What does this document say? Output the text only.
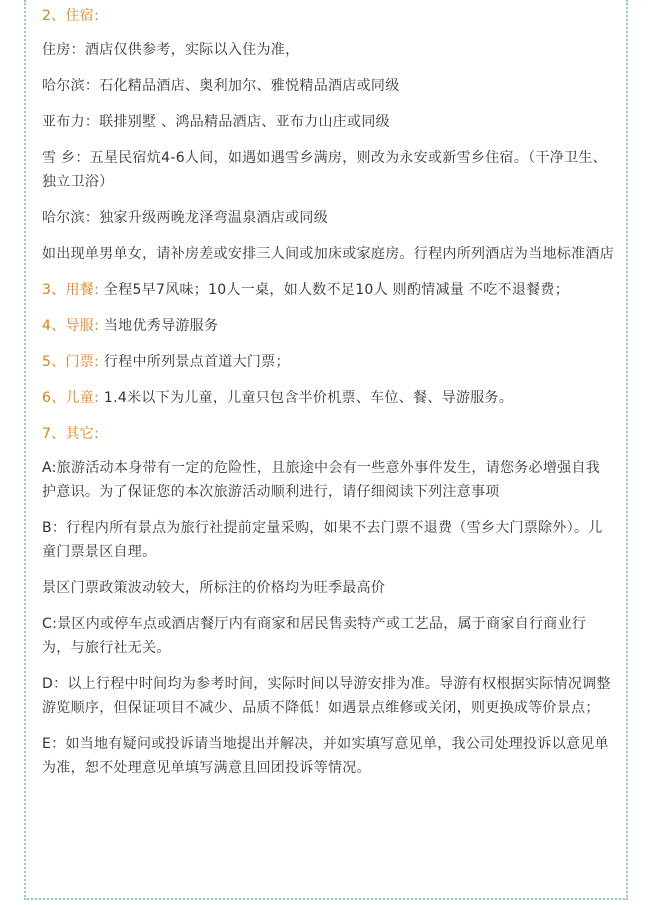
2、住宿:

住房：酒店仅供参考，实际以入住为准，

哈尔滨：石化精品酒店、奥利加尔、雅悦精品酒店或同级

亚布力：联排别墅 、鸿品精品酒店、亚布力山庄或同级

雪 乡：五星民宿炕4-6人间，如遇如遇雪乡满房，则改为永安或新雪乡住宿。（干净卫生、独立卫浴）

哈尔滨：独家升级两晚龙泽弯温泉酒店或同级

如出现单男单女，请补房差或安排三人间或加床或家庭房。行程内所列酒店为当地标准酒店

3、用餐: 全程5早7风味；10人一桌，如人数不足10人 则酌情减量 不吃不退餐费；

4、导服: 当地优秀导游服务

5、门票: 行程中所列景点首道大门票；

6、儿童: 1.4米以下为儿童，儿童只包含半价机票、车位、餐、导游服务。

7、其它:

A:旅游活动本身带有一定的危险性，且旅途中会有一些意外事件发生，请您务必增强自我护意识。为了保证您的本次旅游活动顺利进行，请仔细阅读下列注意事项

B：行程内所有景点为旅行社提前定量采购，如果不去门票不退费（雪乡大门票除外）。儿童门票景区自理。

景区门票政策波动较大，所标注的价格均为旺季最高价

C:景区内或停车点或酒店餐厅内有商家和居民售卖特产或工艺品，属于商家自行商业行为，与旅行社无关。

D：以上行程中时间均为参考时间，实际时间以导游安排为准。导游有权根据实际情况调整游览顺序，但保证项目不减少、品质不降低！如遇景点维修或关闭，则更换成等价景点；

E：如当地有疑问或投诉请当地提出并解决，并如实填写意见单，我公司处理投诉以意见单为准，恕不处理意见单填写满意且回团投诉等情况。
